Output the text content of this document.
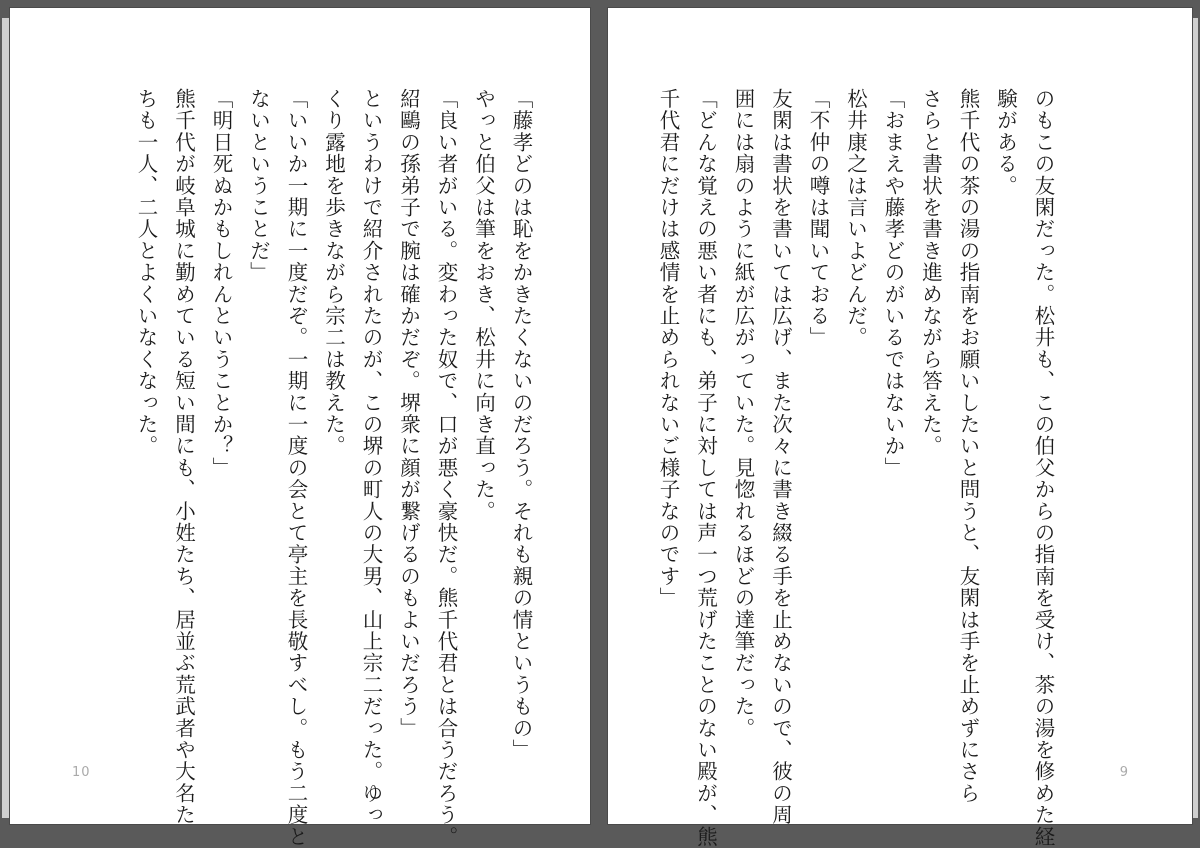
「藤孝どのは恥をかきたくないのだろう。それも親の情というもの」
やっと伯父は筆をおき、松井に向き直った。
「良い者がいる。変わった奴で、口が悪く豪快だ。熊千代君とは合うだろう。
紹鷗の孫弟子で腕は確かだぞ。堺衆に顔が繋げるのもよいだろう」
というわけで紹介されたのが、この堺の町人の大男、山上宗二だった。ゆっ
くり露地を歩きながら宗二は教えた。
「いいか一期に一度だぞ。一期に一度の会とて亭主を長敬すべし。もう二度と
ないということだ」
「明日死ぬかもしれんということか？」
熊千代が岐阜城に勤めている短い間にも、小姓たち、居並ぶ荒武者や大名た
ちも一人、二人とよくいなくなった。
10	のもこの友閑だった。松井も、この伯父からの指南を受け、茶の湯を修めた経
験がある。
熊千代の茶の湯の指南をお願いしたいと問うと、友閑は手を止めずにさら
さらと書状を書き進めながら答えた。
「おまえや藤孝どのがいるではないか」
松井康之は言いよどんだ。
「不仲の噂は聞いておる」
友閑は書状を書いては広げ、また次々に書き綴る手を止めないので、彼の周
囲には扇のように紙が広がっていた。見惚れるほどの達筆だった。
「どんな覚えの悪い者にも、弟子に対しては声一つ荒げたことのない殿が、熊
千代君にだけは感情を止められないご様子なのです」
9
